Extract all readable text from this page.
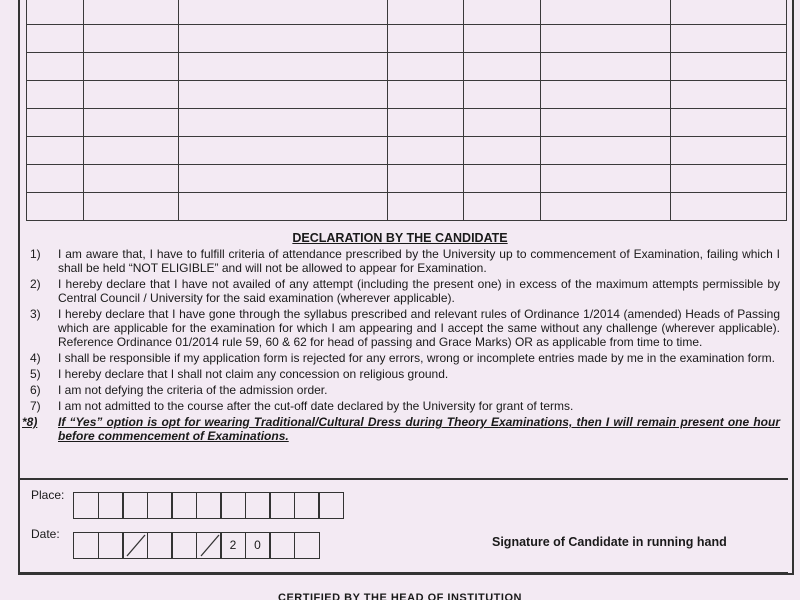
DECLARATION BY THE CANDIDATE
1)	I am aware that, I have to fulfill criteria of attendance prescribed by the University up to commencement of Examination, failing which I shall be held “NOT ELIGIBLE” and will not be allowed to appear for Examination.
2)	I hereby declare that I have not availed of any attempt (including the present one) in excess of the maximum attempts permissible by Central Council / University for the said examination (wherever applicable).
3)	I hereby declare that I have gone through the syllabus prescribed and relevant rules of Ordinance 1/2014 (amended) Heads of Passing which are applicable for the examination for which I am appearing and I accept the same without any challenge (wherever applicable). Reference Ordinance 01/2014 rule 59, 60 & 62 for head of passing and Grace Marks) OR as applicable from time to time.
4)	I shall be responsible if my application form is rejected for any errors, wrong or incomplete entries made by me in the examination form.
5)	I hereby declare that I shall not claim any concession on religious ground.
6)	I am not defying the criteria of the admission order.
7)	I am not admitted to the course after the cut-off date declared by the University for grant of terms.
*8)	If “Yes” option is opt for wearing Traditional/Cultural Dress during Theory Examinations, then I will remain present one hour before commencement of Examinations.
Place:
Date:
2	0	Signature of Candidate in running hand
CERTIFIED BY THE HEAD OF INSTITUTION
